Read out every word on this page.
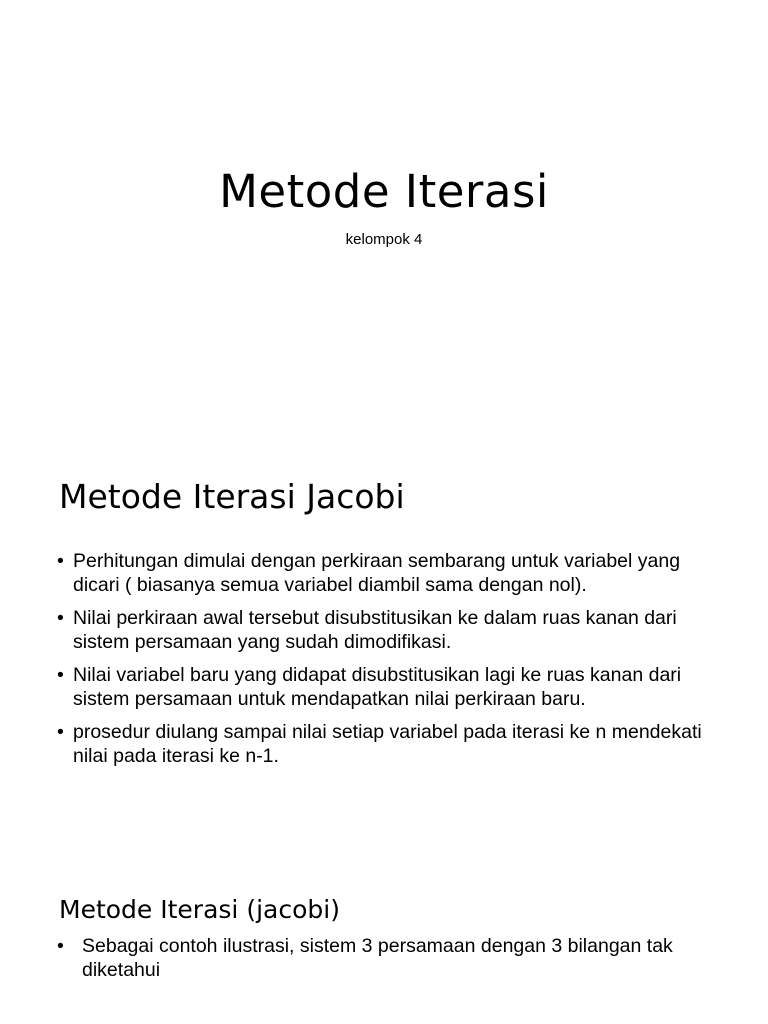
Metode Iterasi
kelompok 4
Metode Iterasi Jacobi
• Perhitungan dimulai dengan perkiraan sembarang untuk variabel yang dicari ( biasanya semua variabel diambil sama dengan nol).
• Nilai perkiraan awal tersebut disubstitusikan ke dalam ruas kanan dari sistem persamaan yang sudah dimodifikasi.
• Nilai variabel baru yang didapat disubstitusikan lagi ke ruas kanan dari sistem persamaan untuk mendapatkan nilai perkiraan baru.
• prosedur diulang sampai nilai setiap variabel pada iterasi ke n mendekati nilai pada iterasi ke n-1.
Metode Iterasi (jacobi)
• Sebagai contoh ilustrasi, sistem 3 persamaan dengan 3 bilangan tak diketahui
